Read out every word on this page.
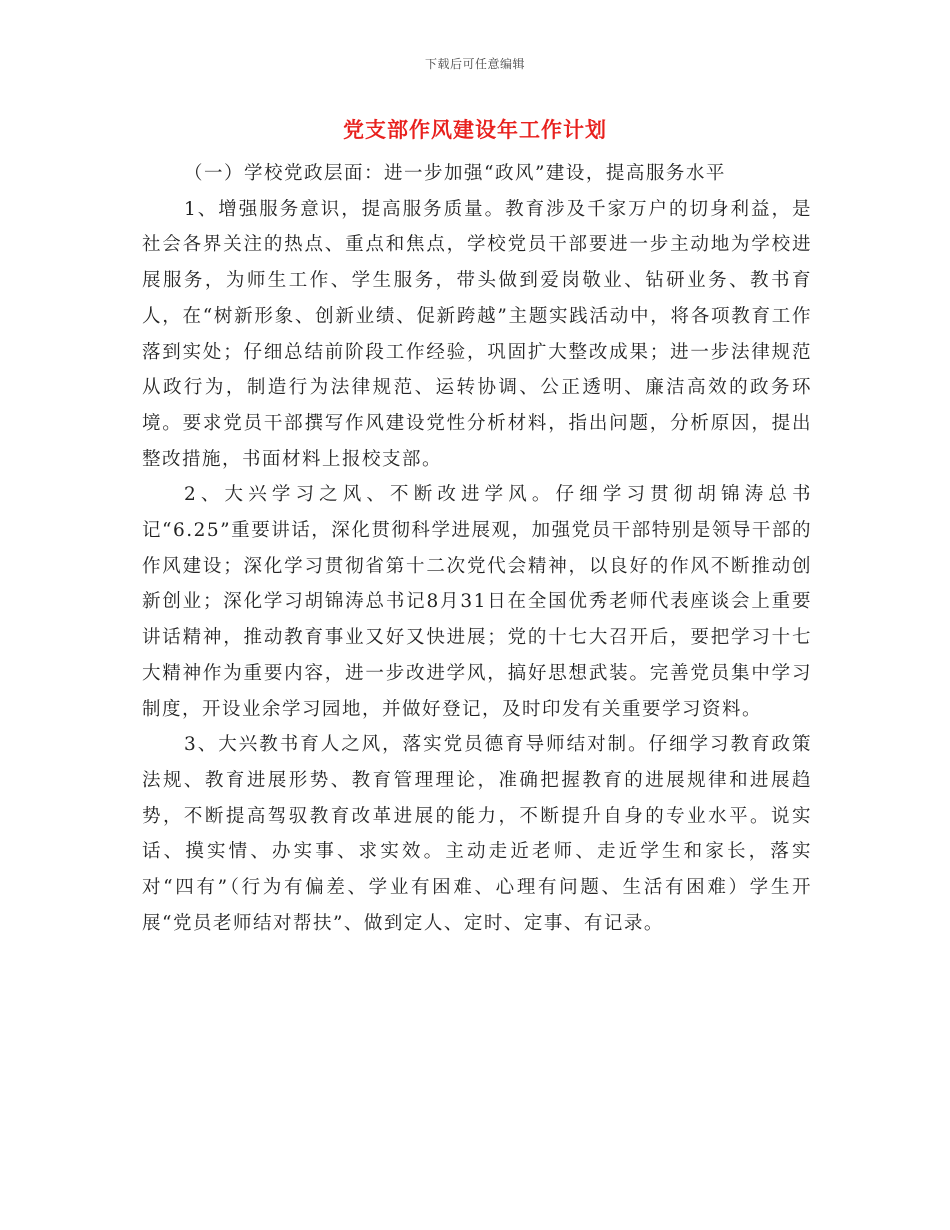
下载后可任意编辑
党支部作风建设年工作计划

（一）学校党政层面：进一步加强“政风”建设，提高服务水平

1、增强服务意识，提高服务质量。教育涉及千家万户的切身利益，是社会各界关注的热点、重点和焦点，学校党员干部要进一步主动地为学校进展服务，为师生工作、学生服务，带头做到爱岗敬业、钻研业务、教书育人，在“树新形象、创新业绩、促新跨越”主题实践活动中，将各项教育工作落到实处；仔细总结前阶段工作经验，巩固扩大整改成果；进一步法律规范从政行为，制造行为法律规范、运转协调、公正透明、廉洁高效的政务环境。要求党员干部撰写作风建设党性分析材料，指出问题，分析原因，提出整改措施，书面材料上报校支部。

2、大兴学习之风、不断改进学风。仔细学习贯彻胡锦涛总书记“6.25”重要讲话，深化贯彻科学进展观，加强党员干部特别是领导干部的作风建设；深化学习贯彻省第十二次党代会精神，以良好的作风不断推动创新创业；深化学习胡锦涛总书记8月31日在全国优秀老师代表座谈会上重要讲话精神，推动教育事业又好又快进展；党的十七大召开后，要把学习十七大精神作为重要内容，进一步改进学风，搞好思想武装。完善党员集中学习制度，开设业余学习园地，并做好登记，及时印发有关重要学习资料。

3、大兴教书育人之风，落实党员德育导师结对制。仔细学习教育政策法规、教育进展形势、教育管理理论，准确把握教育的进展规律和进展趋势，不断提高驾驭教育改革进展的能力，不断提升自身的专业水平。说实话、摸实情、办实事、求实效。主动走近老师、走近学生和家长，落实对“四有”（行为有偏差、学业有困难、心理有问题、生活有困难）学生开展“党员老师结对帮扶”、做到定人、定时、定事、有记录。
